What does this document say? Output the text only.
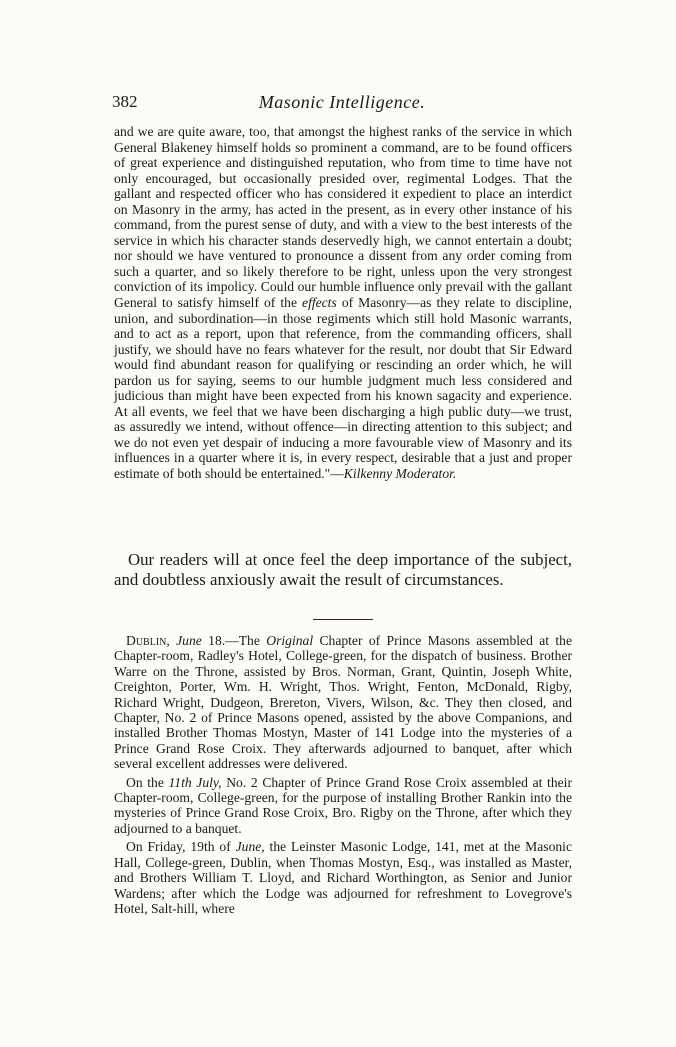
382	Masonic Intelligence.

and we are quite aware, too, that amongst the highest ranks of the service in which General Blakeney himself holds so prominent a command, are to be found officers of great experience and distinguished reputation, who from time to time have not only encouraged, but occasionally presided over, regimental Lodges. That the gallant and respected officer who has considered it expedient to place an interdict on Masonry in the army, has acted in the present, as in every other instance of his command, from the purest sense of duty, and with a view to the best interests of the service in which his character stands deservedly high, we cannot entertain a doubt; nor should we have ventured to pronounce a dissent from any order coming from such a quarter, and so likely therefore to be right, unless upon the very strongest conviction of its impolicy. Could our humble influence only prevail with the gallant General to satisfy himself of the effects of Masonry—as they relate to discipline, union, and subordination—in those regiments which still hold Masonic warrants, and to act as a report, upon that reference, from the commanding officers, shall justify, we should have no fears whatever for the result, nor doubt that Sir Edward would find abundant reason for qualifying or rescinding an order which, he will pardon us for saying, seems to our humble judgment much less considered and judicious than might have been expected from his known sagacity and experience. At all events, we feel that we have been discharging a high public duty—we trust, as assuredly we intend, without offence—in directing attention to this subject; and we do not even yet despair of inducing a more favourable view of Masonry and its influences in a quarter where it is, in every respect, desirable that a just and proper estimate of both should be entertained."—Kilkenny Moderator.

Our readers will at once feel the deep importance of the subject, and doubtless anxiously await the result of circumstances.

Dublin, June 18.—The Original Chapter of Prince Masons assembled at the Chapter-room, Radley's Hotel, College-green, for the dispatch of business. Brother Warre on the Throne, assisted by Bros. Norman, Grant, Quintin, Joseph White, Creighton, Porter, Wm. H. Wright, Thos. Wright, Fenton, McDonald, Rigby, Richard Wright, Dudgeon, Brereton, Vivers, Wilson, &c. They then closed, and Chapter, No. 2 of Prince Masons opened, assisted by the above Companions, and installed Brother Thomas Mostyn, Master of 141 Lodge into the mysteries of a Prince Grand Rose Croix. They afterwards adjourned to banquet, after which several excellent addresses were delivered.

On the 11th July, No. 2 Chapter of Prince Grand Rose Croix assembled at their Chapter-room, College-green, for the purpose of installing Brother Rankin into the mysteries of Prince Grand Rose Croix, Bro. Rigby on the Throne, after which they adjourned to a banquet.

On Friday, 19th of June, the Leinster Masonic Lodge, 141, met at the Masonic Hall, College-green, Dublin, when Thomas Mostyn, Esq., was installed as Master, and Brothers William T. Lloyd, and Richard Worthington, as Senior and Junior Wardens; after which the Lodge was adjourned for refreshment to Lovegrove's Hotel, Salt-hill, where
